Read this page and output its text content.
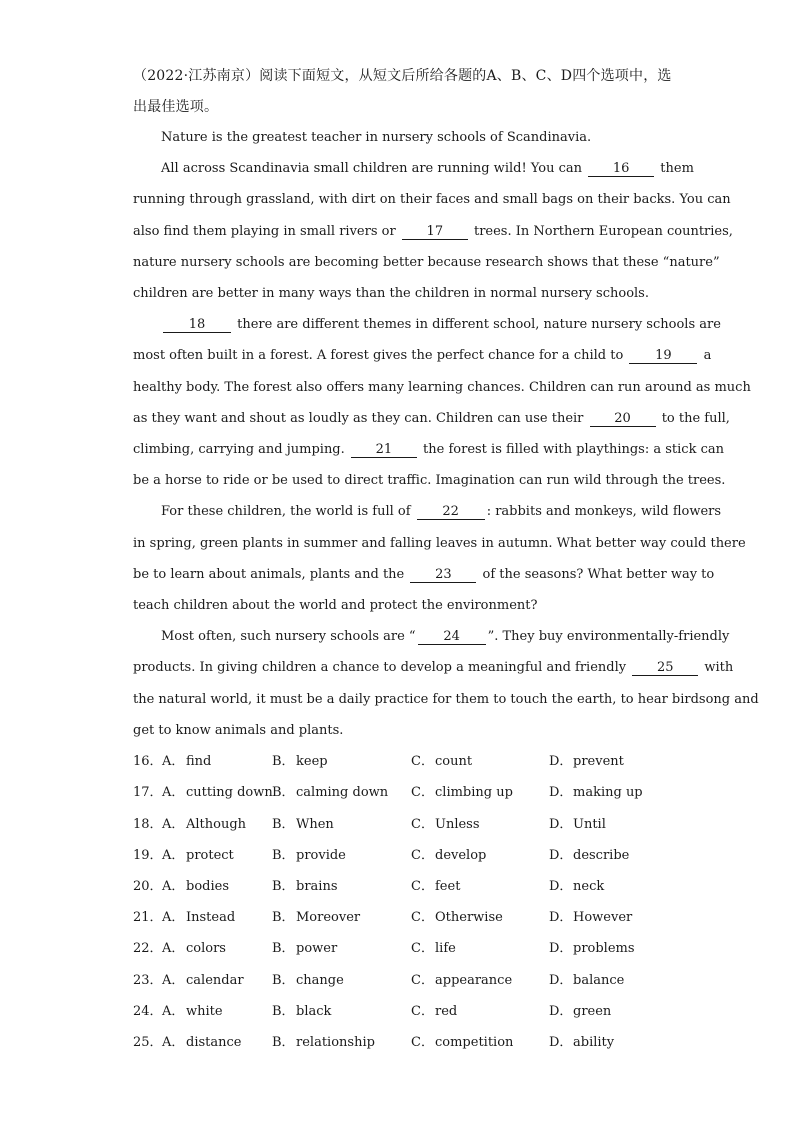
（2022·江苏南京）阅读下面短文，从短文后所给各题的A、B、C、D四个选项中，选
出最佳选项。
Nature is the greatest teacher in nursery schools of Scandinavia.
All across Scandinavia small children are running wild! You can 16 them
running through grassland, with dirt on their faces and small bags on their backs. You can
also find them playing in small rivers or 17 trees. In Northern European countries,
nature nursery schools are becoming better because research shows that these “nature”
children are better in many ways than the children in normal nursery schools.
18 there are different themes in different school, nature nursery schools are
most often built in a forest. A forest gives the perfect chance for a child to 19 a
healthy body. The forest also offers many learning chances. Children can run around as much
as they want and shout as loudly as they can. Children can use their 20 to the full,
climbing, carrying and jumping. 21 the forest is filled with playthings: a stick can
be a horse to ride or be used to direct traffic. Imagination can run wild through the trees.
For these children, the world is full of 22 : rabbits and monkeys, wild flowers
in spring, green plants in summer and falling leaves in autumn. What better way could there
be to learn about animals, plants and the 23 of the seasons? What better way to
teach children about the world and protect the environment?
Most often, such nursery schools are “ 24 ”. They buy environmentally-friendly
products. In giving children a chance to develop a meaningful and friendly 25 with
the natural world, it must be a daily practice for them to touch the earth, to hear birdsong and
get to know animals and plants.
16． A． find	B．keep	C．count	D．prevent
17． A． cutting down B．calming down C．climbing up	D．making up
18． A． Although B．When	C．Unless	D．Until
19． A． protect	B．provide	C．develop	D．describe
20． A． bodies	B．brains	C．feet	D．neck
21． A． Instead	B．Moreover	C．Otherwise	D．However
22． A． colors	B．power	C．life	D．problems
23． A． calendar B．change	C．appearance	D．balance
24． A． white	B．black	C．red	D．green
25． A． distance B．relationship	C．competition	D．ability
